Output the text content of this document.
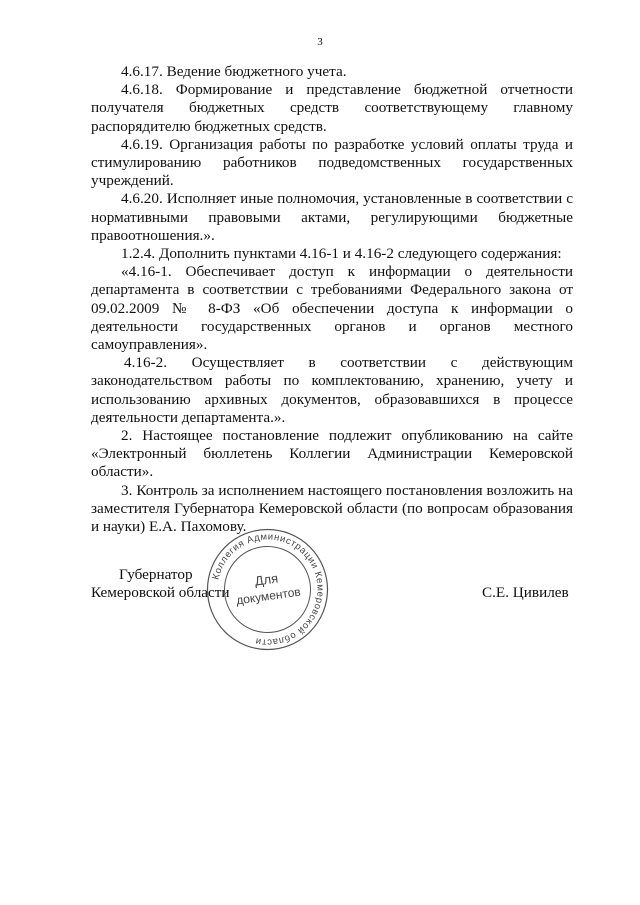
3

4.6.17. Ведение бюджетного учета.

4.6.18. Формирование и представление бюджетной отчетности получателя бюджетных средств соответствующему главному распорядителю бюджетных средств.

4.6.19. Организация работы по разработке условий оплаты труда и стимулированию работников подведомственных государственных учреждений.

4.6.20. Исполняет иные полномочия, установленные в соответствии с нормативными правовыми актами, регулирующими бюджетные правоотношения.».

1.2.4. Дополнить пунктами 4.16-1 и 4.16-2 следующего содержания:

«4.16-1. Обеспечивает доступ к информации о деятельности департамента в соответствии с требованиями Федерального закона от 09.02.2009 № 8-ФЗ «Об обеспечении доступа к информации о деятельности государственных органов и органов местного самоуправления».

4.16-2. Осуществляет в соответствии с действующим законодательством работы по комплектованию, хранению, учету и использованию архивных документов, образовавшихся в процессе деятельности департамента.».

2. Настоящее постановление подлежит опубликованию на сайте «Электронный бюллетень Коллегии Администрации Кемеровской области».

3. Контроль за исполнением настоящего постановления возложить на заместителя Губернатора Кемеровской области (по вопросам образования и науки) Е.А. Пахомову.

Губернатор
Кемеровской области	С.Е. Цивилев
Коллегия Администрации Кемеровской области
Для
документов
